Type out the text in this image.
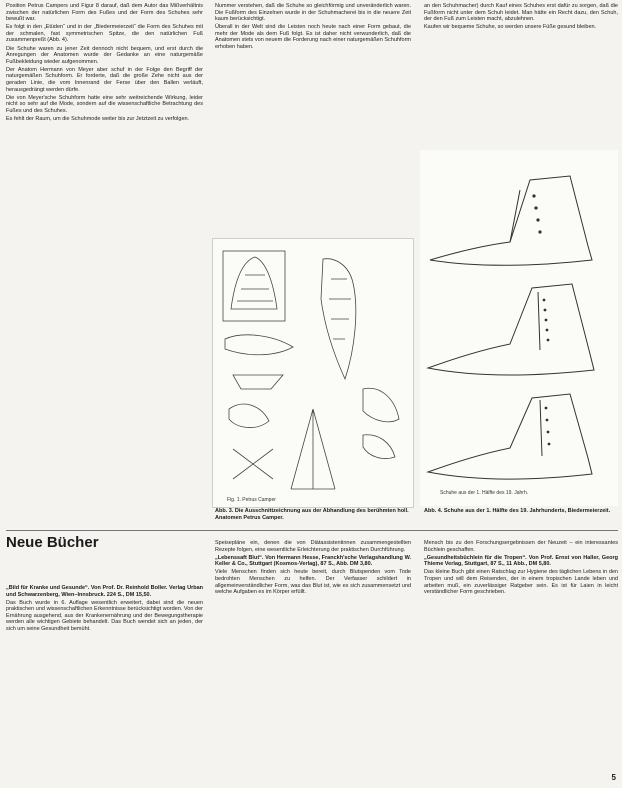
Position Petrus Campers und Figur 8 darauf, daß dem Autor das Mißverhältnis zwischen der natürlichen Form des Fußes und der Form des Schuhes sehr bewußt war.

Es folgt in den „Etüden“ und in der „Biedermeierzeit“ die Form des Schuhes mit der schmalen, fast symmetrischen Spitze, die den natürlichen Fuß zusammenpreßt (Abb. 4).

Die Schuhe waren zu jener Zeit dennoch nicht bequem, und erst durch die Anregungen der Anatomen wurde der Gedanke an eine naturgemäße Fußbekleidung wieder aufgenommen.

Der Anatom Hermann von Meyer aber schuf in der Folge den Begriff der naturgemäßen Schuhform. Er forderte, daß die große Zehe nicht aus der geraden Linie, die vom Innenrand der Ferse über den Ballen verläuft, herausgedrängt werden dürfe.

Die von Meyer'sche Schuhform hatte eine sehr weitreichende Wirkung, leider nicht so sehr auf die Mode, sondern auf die wissenschaftliche Betrachtung des Fußes und des Schuhes.

Es fehlt der Raum, um die Schuhmode weiter bis zur Jetztzeit zu verfolgen.

Nummer verstehen, daß die Schuhe so gleichförmig und unveränderlich waren. Die Fußform des Einzelnen wurde in der Schuhmacherei bis in die neuere Zeit kaum berücksichtigt.

Überall in der Welt sind die Leisten noch heute nach einer Form gebaut, die mehr der Mode als dem Fuß folgt. Es ist daher nicht verwunderlich, daß die Anatomen stets von neuem die Forderung nach einer naturgemäßen Schuhform erhoben haben.

an den Schuhmacher) durch Kauf eines Schuhes erst dafür zu sorgen, daß die Fußform nicht unter dem Schuh leidet. Man hätte ein Recht dazu, den Schuh, der den Fuß zum Leisten macht, abzulehnen.

Kaufen wir bequeme Schuhe, so werden unsere Füße gesund bleiben.

Fig. 1. Petrus Camper
Abb. 3. Die Ausschnittzeichnung aus der Abhandlung des berühmten holl. Anatomen Petrus Camper.
Schuhe aus der 1. Hälfte des 19. Jahrh.
Abb. 4. Schuhe aus der 1. Hälfte des 19. Jahrhunderts, Biedermeierzeit.
Neue Bücher

„Bild für Kranke und Gesunde“. Von Prof. Dr. Reinhold Boller. Verlag Urban und Schwarzenberg, Wien–Innsbruck. 224 S., DM 15,50.

Das Buch wurde in 6. Auflage wesentlich erweitert, dabei sind die neuen praktischen und wissenschaftlichen Erkenntnisse berücksichtigt worden. Von der Ernährung ausgehend, aus der Krankenernährung und der Bewegungstherapie werden alle wichtigen Gebiete behandelt. Das Buch wendet sich an jeden, der sich um seine Gesundheit bemüht.

Speisepläne ein, denen die von Diätassistentinnen zusammengestellten Rezepte folgen, eine wesentliche Erleichterung der praktischen Durchführung.

„Lebenssaft Blut“. Von Hermann Hesse, Franckh'sche Verlagshandlung W. Keller & Co., Stuttgart (Kosmos-Verlag), 87 S., Abb. DM 3,80.

Viele Menschen finden sich heute bereit, durch Blutspenden vom Tode bedrohten Menschen zu helfen. Der Verfasser schildert in allgemeinverständlicher Form, was das Blut ist, wie es sich zusammensetzt und welche Aufgaben es im Körper erfüllt.

Mensch bis zu den Forschungsergebnissen der Neuzeit – ein interessantes Büchlein geschaffen.

„Gesundheitsbüchlein für die Tropen“. Von Prof. Ernst von Haller, Georg Thieme Verlag, Stuttgart, 87 S., 11 Abb., DM 5,80.

Das kleine Buch gibt einen Ratschlag zur Hygiene des täglichen Lebens in den Tropen und will dem Reisenden, der in einem tropischen Lande leben und arbeiten muß, ein zuverlässiger Ratgeber sein. Es ist für Laien in leicht verständlicher Form geschrieben.

5
